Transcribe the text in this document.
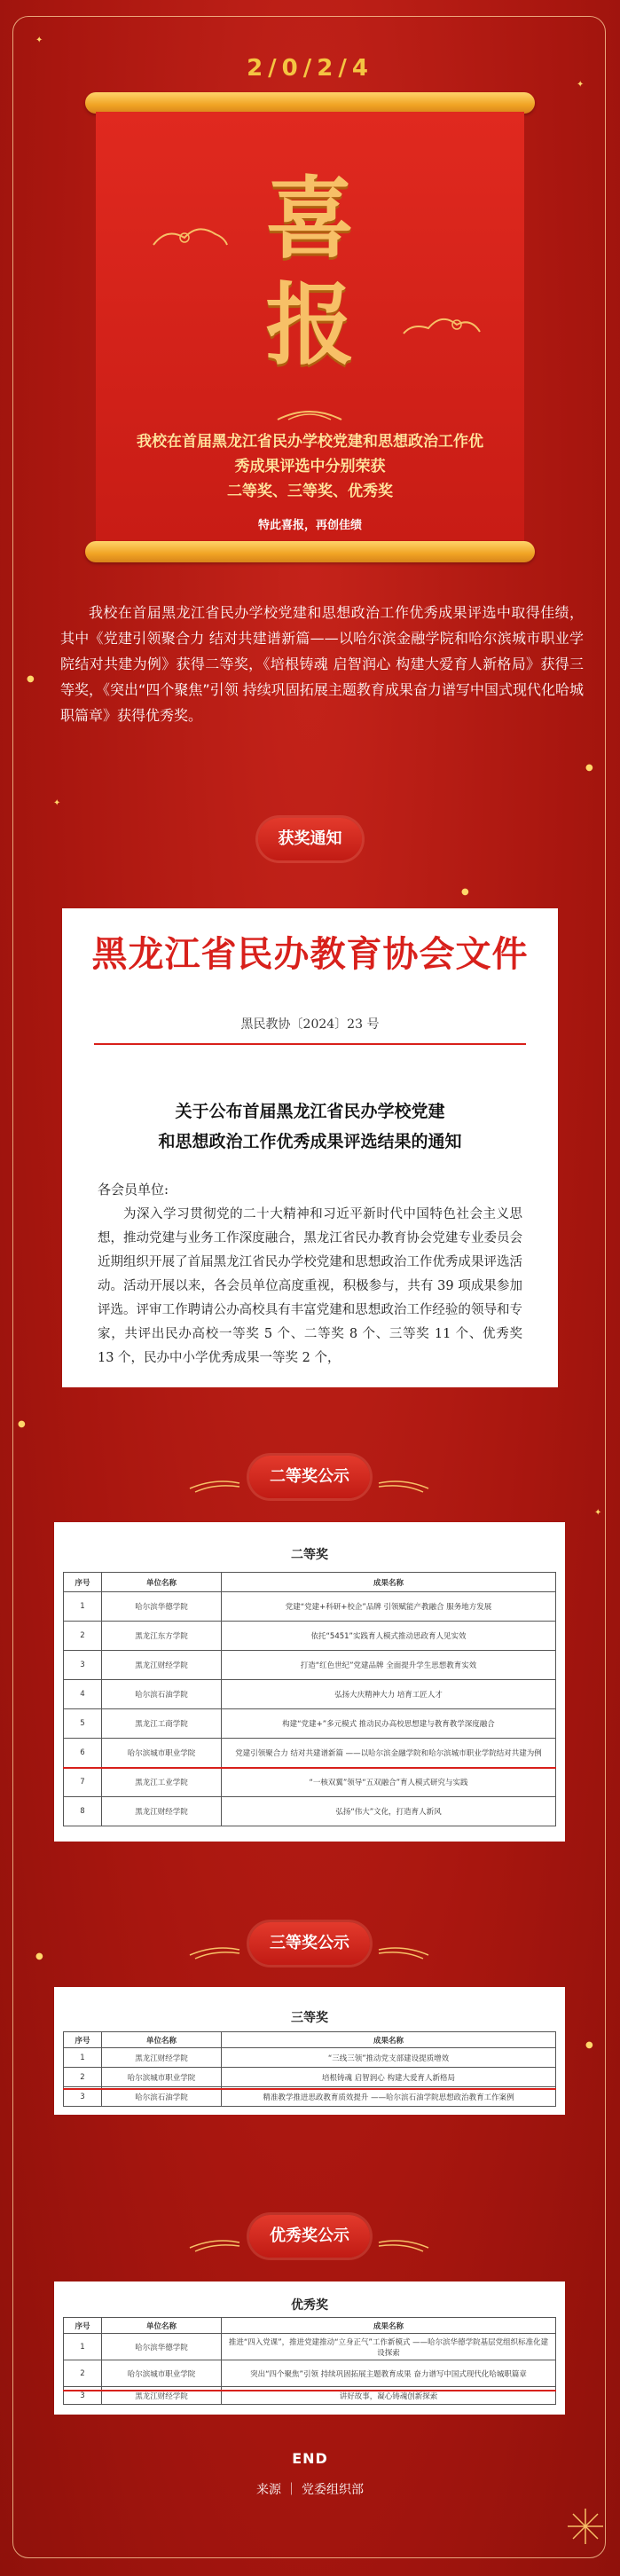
✦
✦
●
●
✦
●
●
✦
●
●
2/0/2/4
喜
报
我校在首届黑龙江省民办学校党建和思想政治工作优
秀成果评选中分别荣获
二等奖、三等奖、优秀奖
特此喜报，再创佳绩
我校在首届黑龙江省民办学校党建和思想政治工作优秀成果评选中取得佳绩，其中《党建引领聚合力 结对共建谱新篇——以哈尔滨金融学院和哈尔滨城市职业学院结对共建为例》获得二等奖，《培根铸魂 启智润心 构建大爱育人新格局》获得三等奖，《突出“四个聚焦”引领 持续巩固拓展主题教育成果奋力谱写中国式现代化哈城职篇章》获得优秀奖。
获奖通知
黑龙江省民办教育协会文件
黑民教协〔2024〕23 号
关于公布首届黑龙江省民办学校党建
和思想政治工作优秀成果评选结果的通知
各会员单位:
为深入学习贯彻党的二十大精神和习近平新时代中国特色社会主义思想，推动党建与业务工作深度融合，黑龙江省民办教育协会党建专业委员会近期组织开展了首届黑龙江省民办学校党建和思想政治工作优秀成果评选活动。活动开展以来，各会员单位高度重视，积极参与，共有 39 项成果参加评选。评审工作聘请公办高校具有丰富党建和思想政治工作经验的领导和专家，共评出民办高校一等奖 5 个、二等奖 8 个、三等奖 11 个、优秀奖 13 个，民办中小学优秀成果一等奖 2 个，
二等奖公示
二等奖
序号	单位名称	成果名称
1	哈尔滨华德学院	党建“党建+科研+校企”品牌 引领赋能产教融合 服务地方发展
2	黑龙江东方学院	依托“5451”实践育人模式推动思政育人见实效
3	黑龙江财经学院	打造“红色世纪”党建品牌 全面提升学生思想教育实效
4	哈尔滨石油学院	弘扬大庆精神大力 培育工匠人才
5	黑龙江工商学院	构建“党建+”多元模式 推动民办高校思想建与教育教学深度融合
6	哈尔滨城市职业学院	党建引领聚合力 结对共建谱新篇 ——以哈尔滨金融学院和哈尔滨城市职业学院结对共建为例
7	黑龙江工业学院	“一核双翼”领导“五双融合”育人模式研究与实践
8	黑龙江财经学院	弘扬“伟大”文化，打造育人新风
三等奖公示
三等奖
序号	单位名称	成果名称
1	黑龙江财经学院	“三线三领”推动党支部建设提质增效
2	哈尔滨城市职业学院	培根铸魂 启智润心 构建大爱育人新格局
3	哈尔滨石油学院	精准教学推进思政教育质效提升 ——哈尔滨石油学院思想政治教育工作案例
优秀奖公示
优秀奖
序号	单位名称	成果名称
1	哈尔滨华德学院	推进“四入党课”，推进党建推动“立身正气”工作新模式 ——哈尔滨华德学院基层党组织标准化建设探索
2	哈尔滨城市职业学院	突出“四个聚焦”引领 持续巩固拓展主题教育成果 奋力谱写中国式现代化哈城职篇章
3	黑龙江财经学院	讲好故事，凝心铸魂创新探索
END
来源 ｜ 党委组织部
